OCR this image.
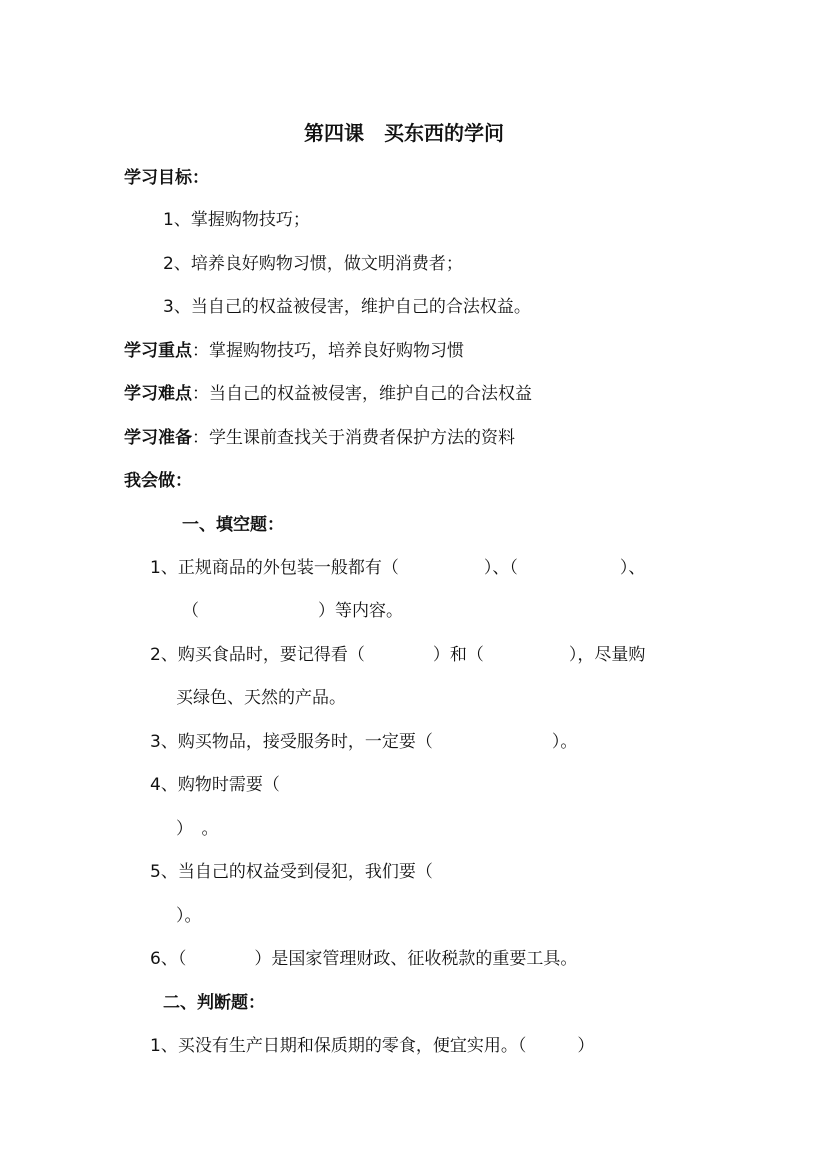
第四课　买东西的学问
学习目标：
1、掌握购物技巧；
2、培养良好购物习惯，做文明消费者；
3、当自己的权益被侵害，维护自己的合法权益。
学习重点：掌握购物技巧，培养良好购物习惯
学习难点：当自己的权益被侵害，维护自己的合法权益
学习准备：学生课前查找关于消费者保护方法的资料
我会做：
一、填空题：
1、正规商品的外包装一般都有（　　　　　）、（　　　　　　）、
（　　　　　　　）等内容。
2、购买食品时，要记得看（　　　　）和（　　　　　），尽量购
买绿色、天然的产品。
3、购买物品，接受服务时，一定要（　　　　　　　）。
4、购物时需要（
）　。
5、当自己的权益受到侵犯，我们要（
）。
6、（　　　　）是国家管理财政、征收税款的重要工具。
二、判断题：
1、买没有生产日期和保质期的零食，便宜实用。（　　　）
